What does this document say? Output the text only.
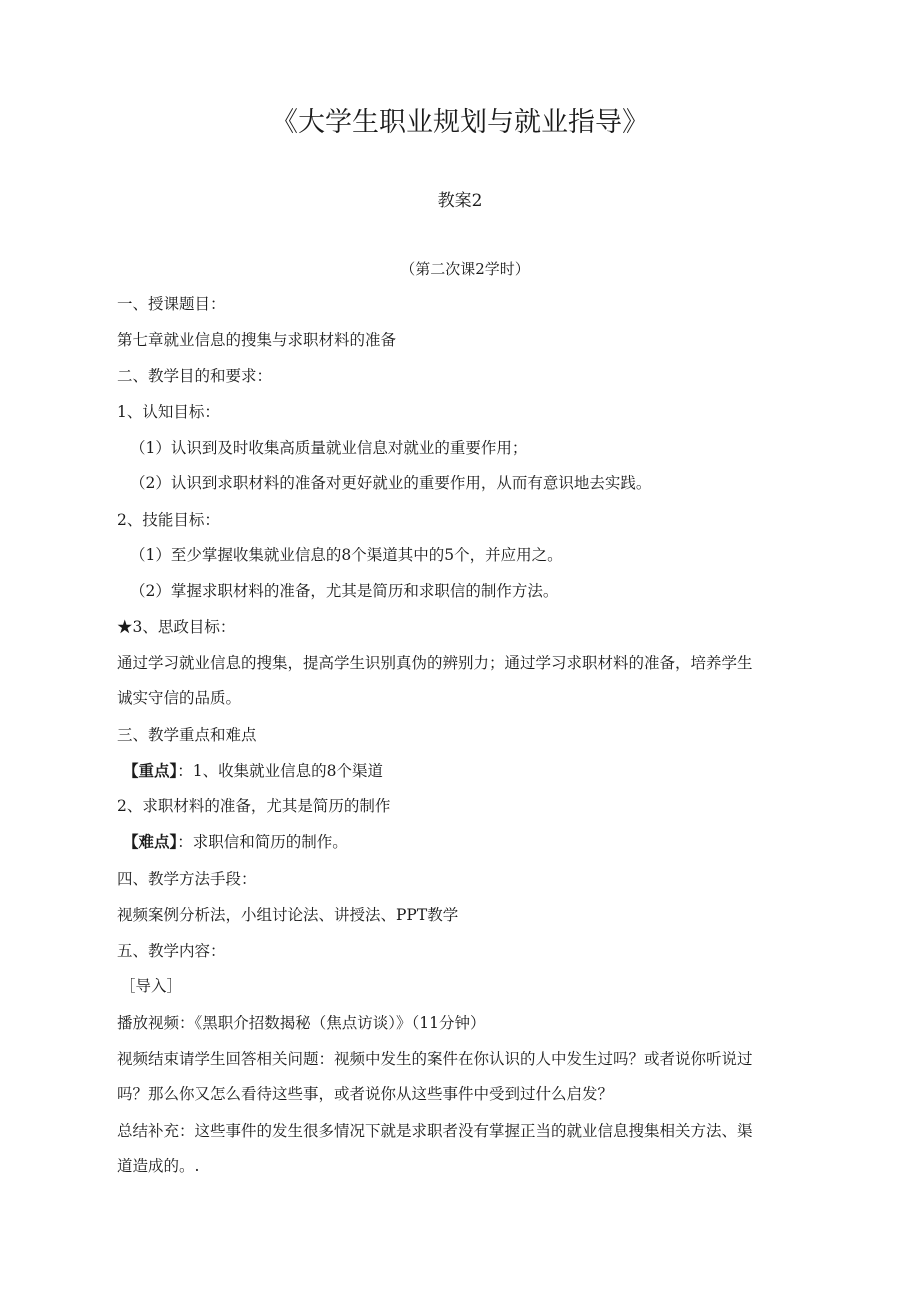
《大学生职业规划与就业指导》
教案2
（第二次课2学时）
一、授课题目：
第七章就业信息的搜集与求职材料的准备
二、教学目的和要求：
1、认知目标：
（1）认识到及时收集高质量就业信息对就业的重要作用；
（2）认识到求职材料的准备对更好就业的重要作用，从而有意识地去实践。
2、技能目标：
（1）至少掌握收集就业信息的8个渠道其中的5个，并应用之。
（2）掌握求职材料的准备，尤其是简历和求职信的制作方法。
★3、思政目标：
通过学习就业信息的搜集，提高学生识别真伪的辨别力；通过学习求职材料的准备，培养学生
诚实守信的品质。
三、教学重点和难点
【重点】：1、收集就业信息的8个渠道
2、求职材料的准备，尤其是简历的制作
【难点】：求职信和简历的制作。
四、教学方法手段：
视频案例分析法，小组讨论法、讲授法、PPT教学
五、教学内容：
［导入］
播放视频：《黑职介招数揭秘（焦点访谈）》（11分钟）
视频结束请学生回答相关问题：视频中发生的案件在你认识的人中发生过吗？或者说你听说过
吗？那么你又怎么看待这些事，或者说你从这些事件中受到过什么启发？
总结补充：这些事件的发生很多情况下就是求职者没有掌握正当的就业信息搜集相关方法、渠
道造成的。.
